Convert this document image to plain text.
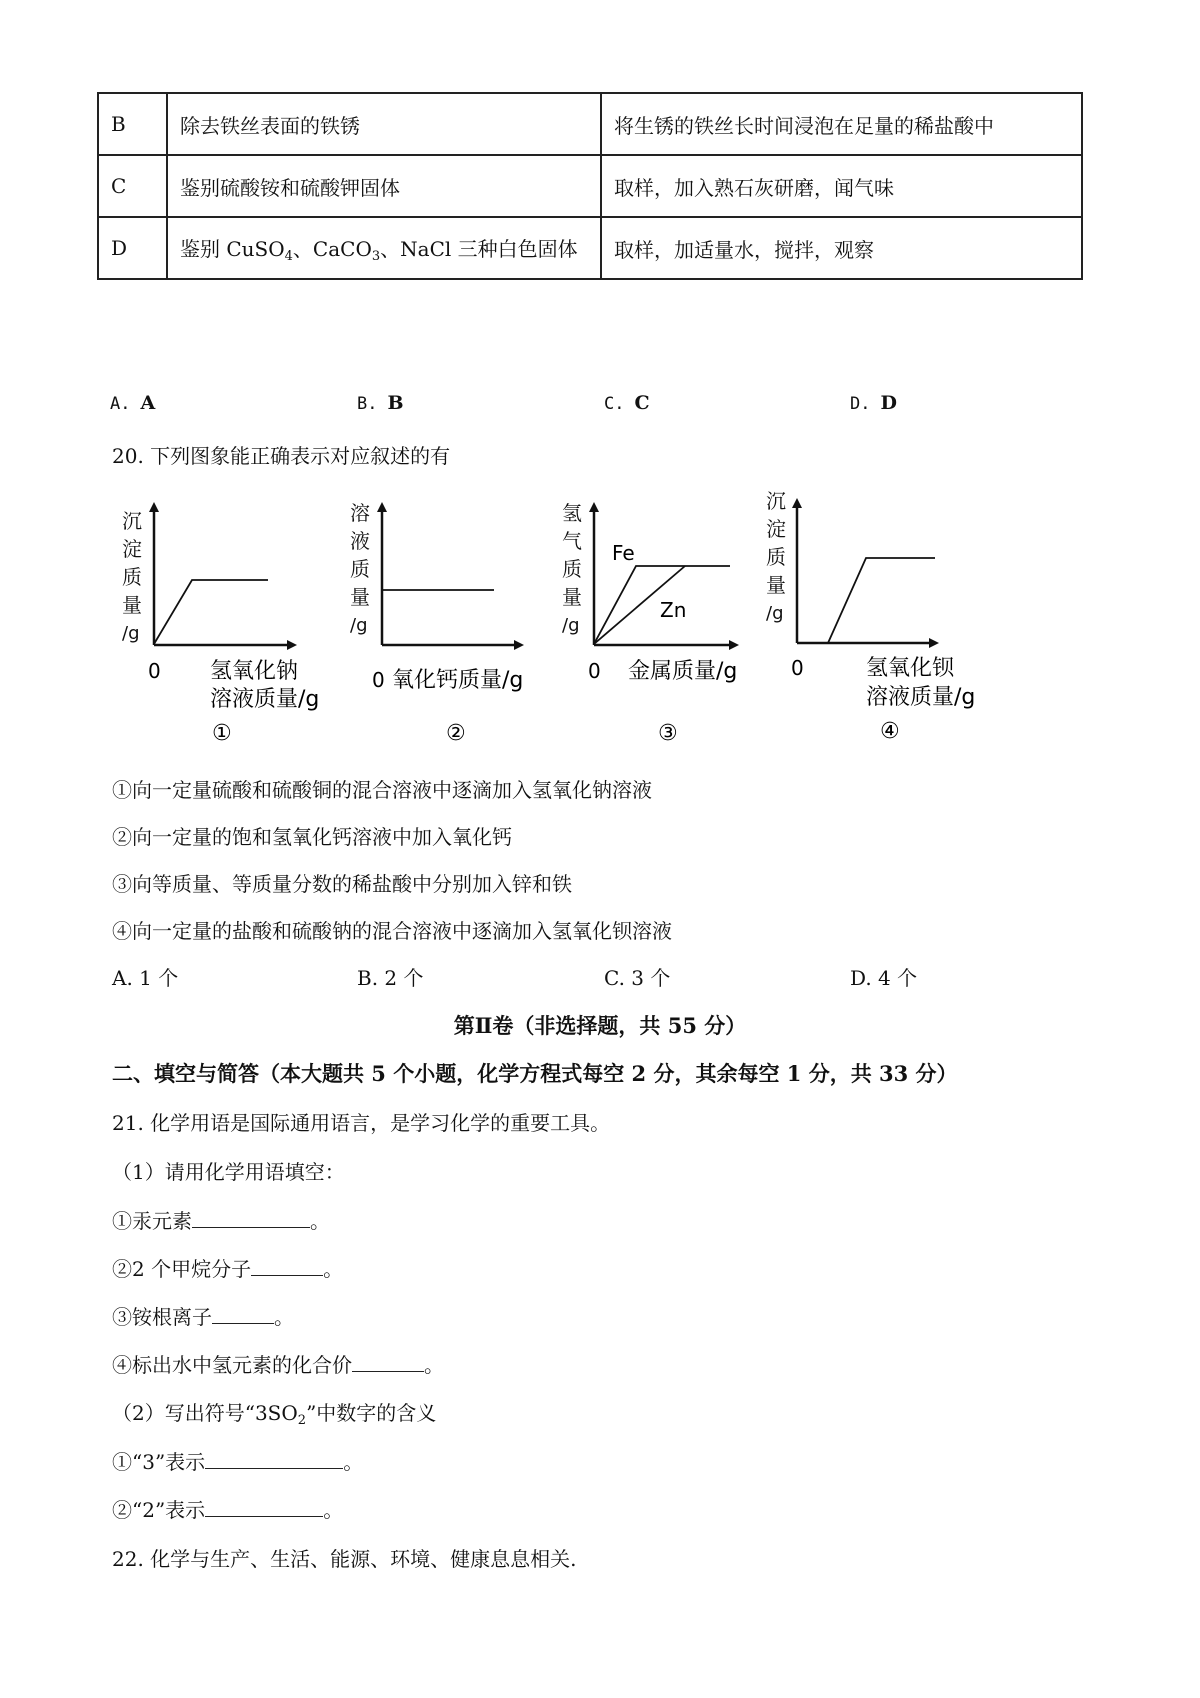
B	除去铁丝表面的铁锈	将生锈的铁丝长时间浸泡在足量的稀盐酸中
C	鉴别硫酸铵和硫酸钾固体	取样，加入熟石灰研磨，闻气味
D	鉴别 CuSO$_4$、CaCO$_3$、NaCl 三种白色固体	取样，加适量水，搅拌，观察
A. A	B. B	C. C	D. D
20. 下列图象能正确表示对应叙述的有
沉
淀
质
量
/g
0 氢氧化钠
溶液质量/g
①
溶
液
质
量
/g
0 氧化钙质量/g
②
氢
气
质
量
/g
Fe
Zn
0 金属质量/g
③
沉
淀
质
量
/g
0	氢氧化钡
溶液质量/g
④
①向一定量硫酸和硫酸铜的混合溶液中逐滴加入氢氧化钠溶液
②向一定量的饱和氢氧化钙溶液中加入氧化钙
③向等质量、等质量分数的稀盐酸中分别加入锌和铁
④向一定量的盐酸和硫酸钠的混合溶液中逐滴加入氢氧化钡溶液
A. 1 个	B. 2 个	C. 3 个	D. 4 个
第Ⅱ卷（非选择题，共 55 分）
二、填空与简答（本大题共 5 个小题，化学方程式每空 2 分，其余每空 1 分，共 33 分）
21. 化学用语是国际通用语言，是学习化学的重要工具。
（1）请用化学用语填空：
①汞元素	。
②2 个甲烷分子	。
③铵根离子	。
④标出水中氢元素的化合价	。
（2）写出符号“$3SO_2$”中数字的含义
①“3”表示	。
②“2”表示	。
22. 化学与生产、生活、能源、环境、健康息息相关.
